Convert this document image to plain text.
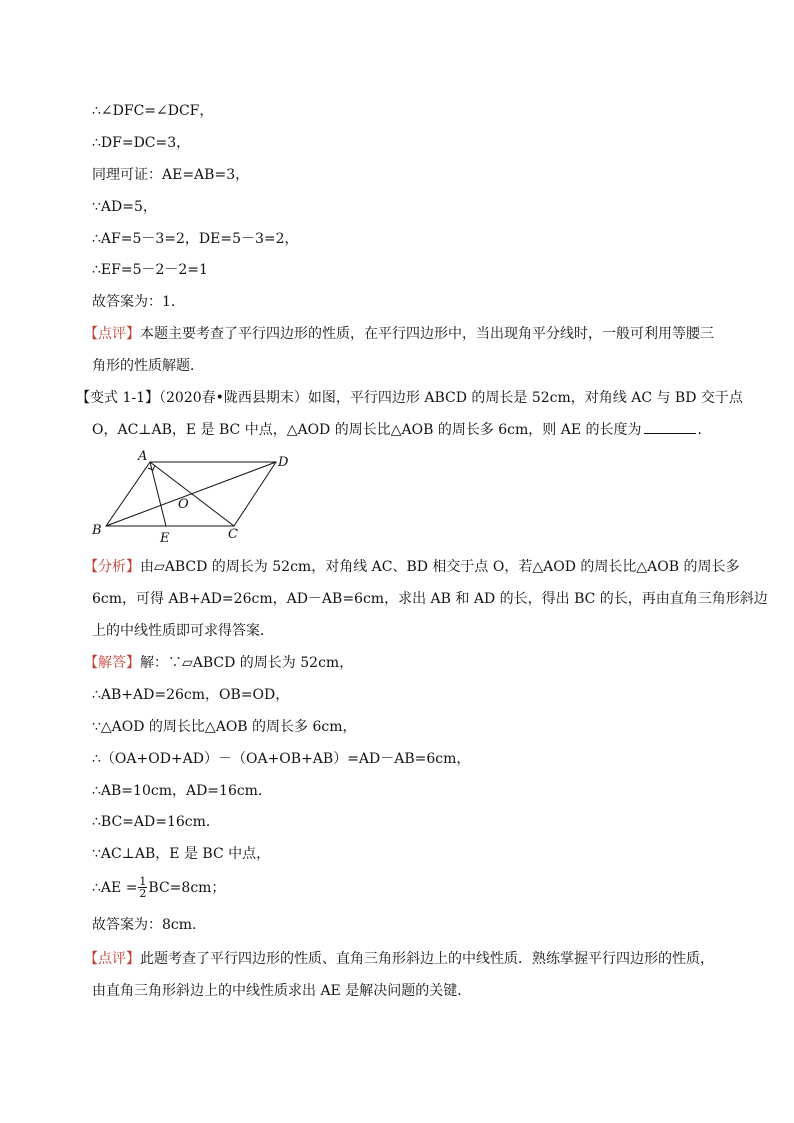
∴∠DFC=∠DCF，
∴DF=DC=3，
同理可证：AE=AB=3，
∵AD=5，
∴AF=5－3=2，DE=5－3=2，
∴EF=5－2－2=1
故答案为：1．
【点评】本题主要考查了平行四边形的性质，在平行四边形中，当出现角平分线时，一般可利用等腰三
角形的性质解题．
【变式 1-1】（2020春•陇西县期末）如图，平行四边形 ABCD 的周长是 52cm，对角线 AC 与 BD 交于点
O，AC⊥AB，E 是 BC 中点，△AOD 的周长比△AOB 的周长多 6cm，则 AE 的长度为	．
A	D
B	C
O
E
【分析】由▱ABCD 的周长为 52cm，对角线 AC、BD 相交于点 O，若△AOD 的周长比△AOB 的周长多
6cm，可得 AB+AD=26cm，AD－AB=6cm，求出 AB 和 AD 的长，得出 BC 的长，再由直角三角形斜边
上的中线性质即可求得答案．
【解答】解：∵▱ABCD 的周长为 52cm，
∴AB+AD=26cm，OB=OD，
∵△AOD 的周长比△AOB 的周长多 6cm，
∴（OA+OD+AD）－（OA+OB+AB）=AD－AB=6cm，
∴AB=10cm，AD=16cm．
∴BC=AD=16cm．
∵AC⊥AB，E 是 BC 中点，
∴AE = $\frac{1}{2} BC=8cm$；
故答案为：8cm．
【点评】此题考查了平行四边形的性质、直角三角形斜边上的中线性质．熟练掌握平行四边形的性质，
由直角三角形斜边上的中线性质求出 AE 是解决问题的关键．
